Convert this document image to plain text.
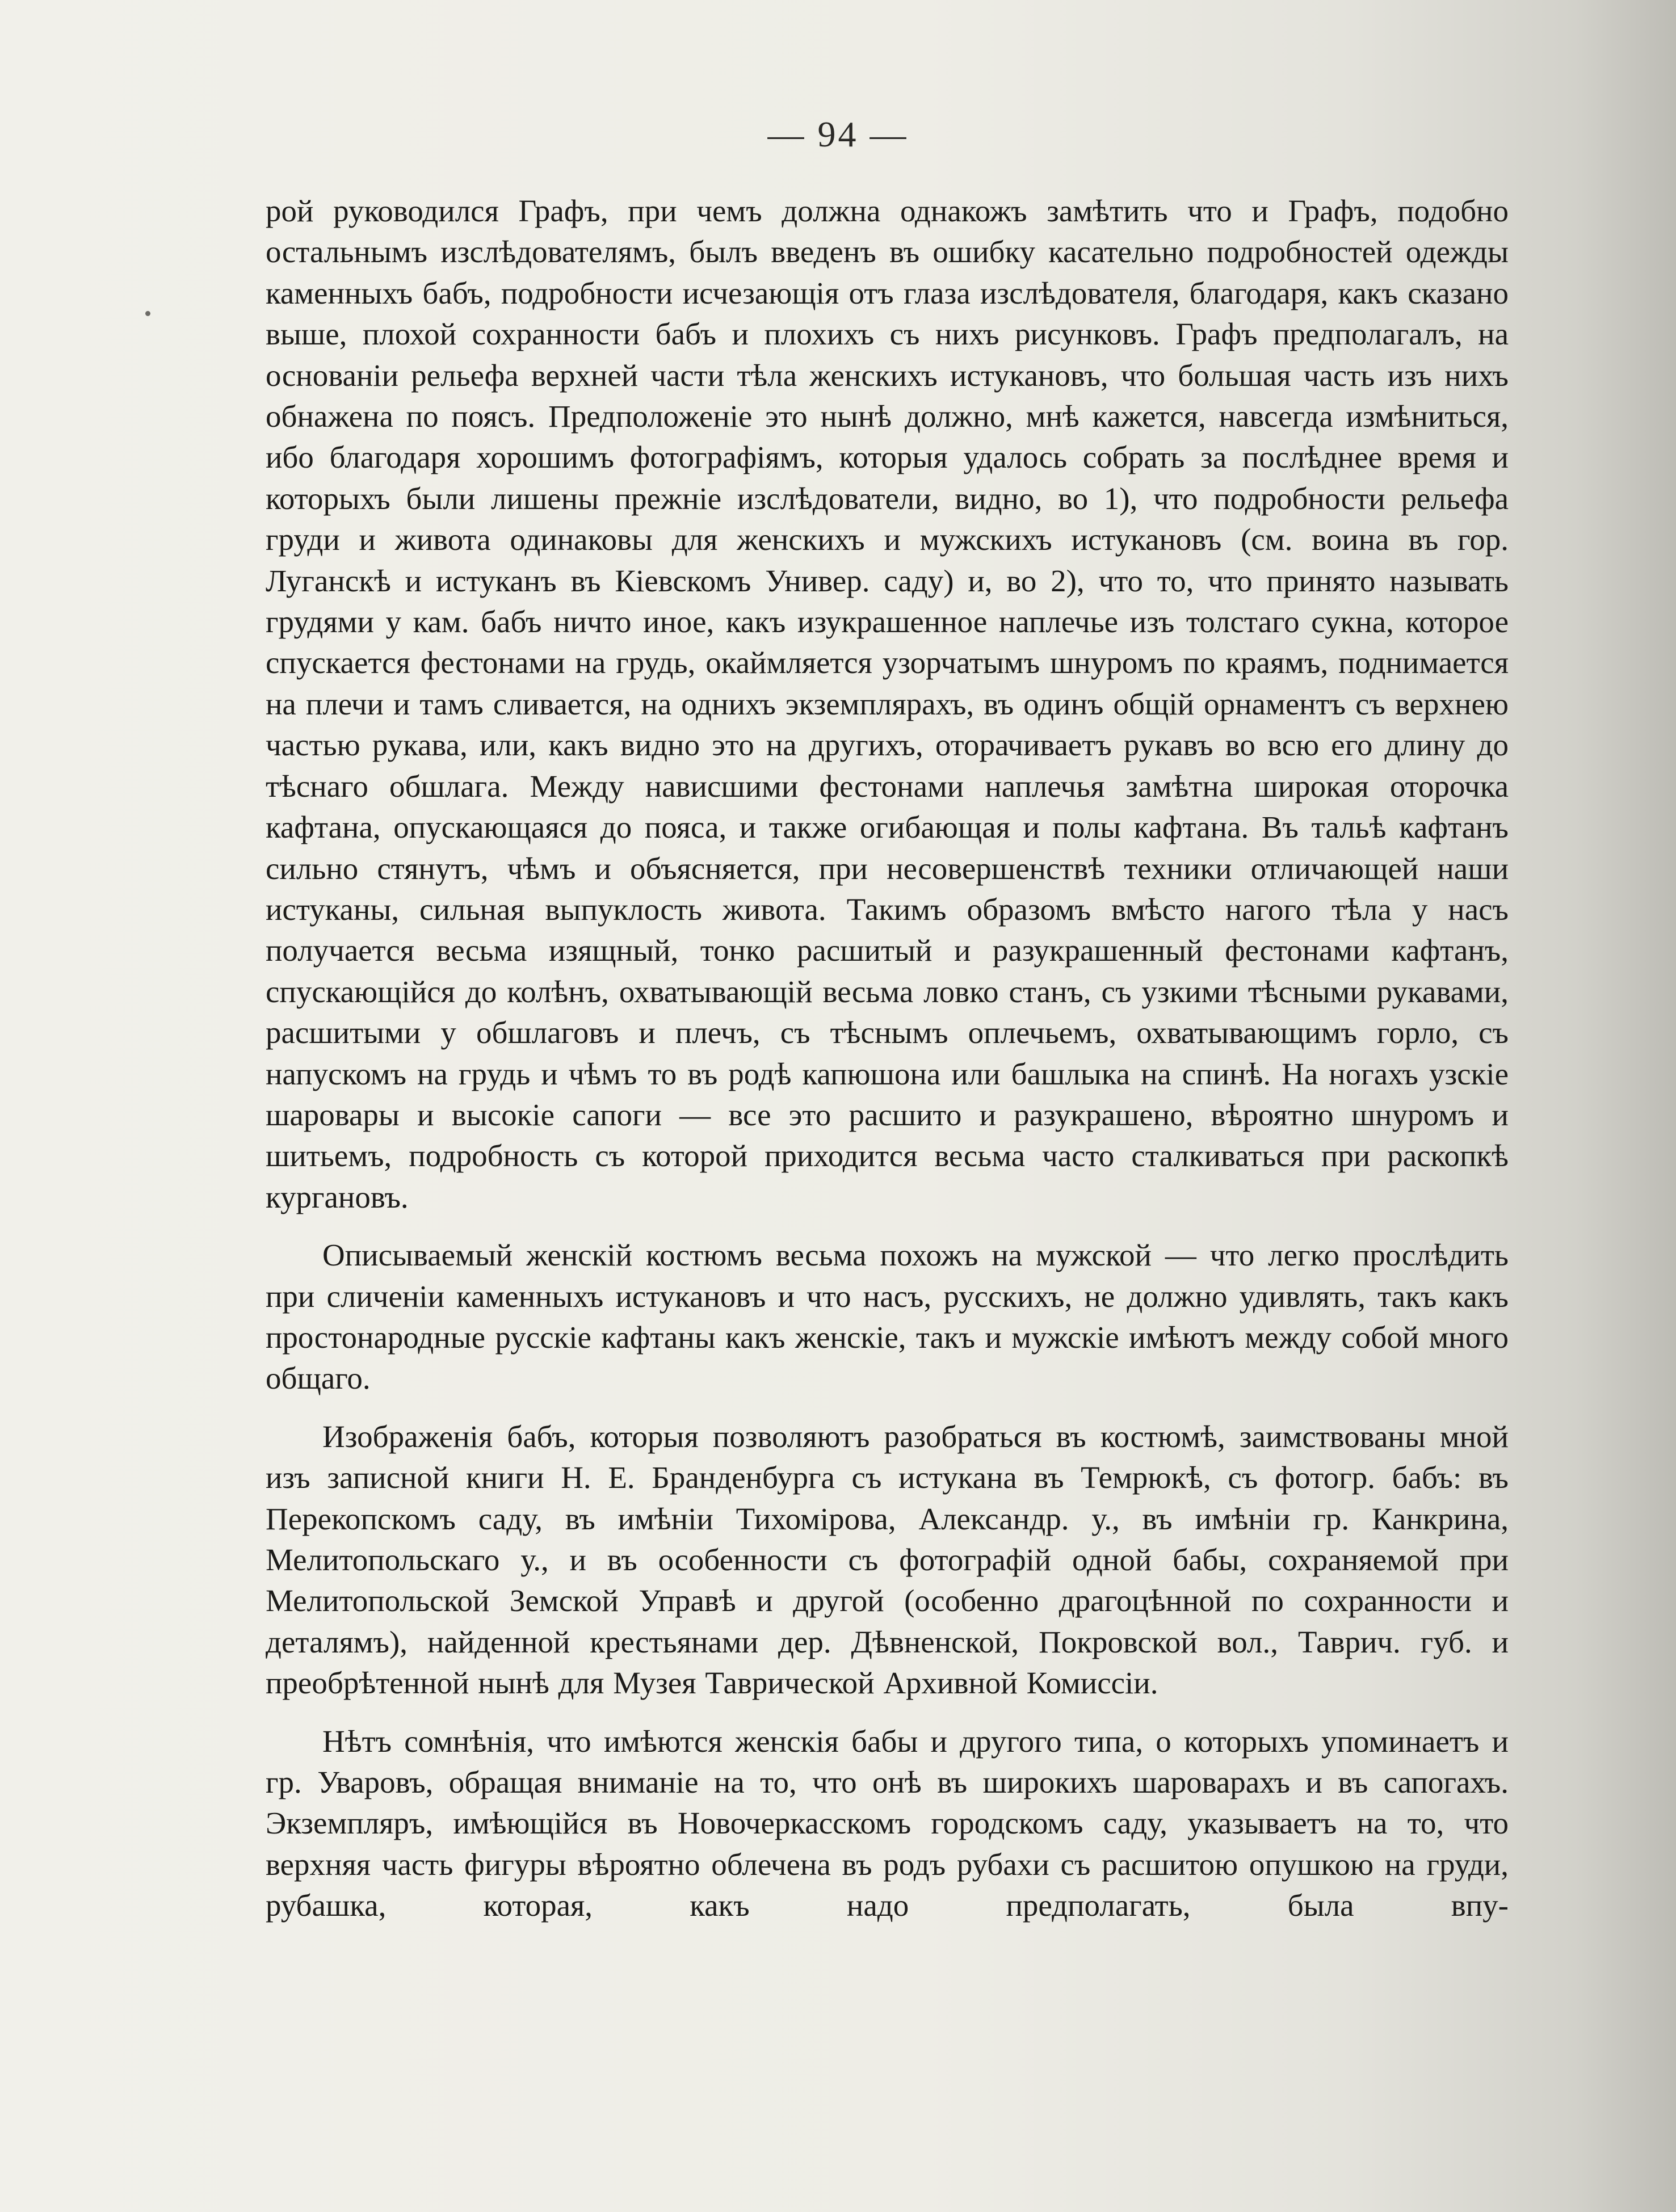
— 94 —

рой руководился Графъ, при чемъ должна однакожъ замѣтить что и Графъ, подобно остальнымъ изслѣдователямъ, былъ введенъ въ ошибку касательно подробностей одежды каменныхъ бабъ, подробности исчезающія отъ глаза изслѣдователя, благодаря, какъ сказано выше, плохой сохранности бабъ и плохихъ съ нихъ рисунковъ. Графъ предполагалъ, на основаніи рельефа верхней части тѣла женскихъ истукановъ, что большая часть изъ нихъ обнажена по поясъ. Предположеніе это нынѣ должно, мнѣ кажется, навсегда измѣниться, ибо благодаря хорошимъ фотографіямъ, которыя удалось собрать за послѣднее время и которыхъ были лишены прежніе изслѣдователи, видно, во 1), что подробности рельефа груди и живота одинаковы для женскихъ и мужскихъ истукановъ (см. воина въ гор. Луганскѣ и истуканъ въ Кіевскомъ Универ. саду) и, во 2), что то, что принято называть грудями у кам. бабъ ничто иное, какъ изукрашенное наплечье изъ толстаго сукна, которое спускается фестонами на грудь, окаймляется узорчатымъ шнуромъ по краямъ, поднимается на плечи и тамъ сливается, на однихъ экземплярахъ, въ одинъ общій орнаментъ съ верхнею частью рукава, или, какъ видно это на другихъ, оторачиваетъ рукавъ во всю его длину до тѣснаго обшлага. Между нависшими фестонами наплечья замѣтна широкая оторочка кафтана, опускающаяся до пояса, и также огибающая и полы кафтана. Въ тальѣ кафтанъ сильно стянутъ, чѣмъ и объясняется, при несовершенствѣ техники отличающей наши истуканы, сильная выпуклость живота. Такимъ образомъ вмѣсто нагого тѣла у насъ получается весьма изящный, тонко расшитый и разукрашенный фестонами кафтанъ, спускающійся до колѣнъ, охватывающій весьма ловко станъ, съ узкими тѣсными рукавами, расшитыми у обшлаговъ и плечъ, съ тѣснымъ оплечьемъ, охватывающимъ горло, съ напускомъ на грудь и чѣмъ то въ родѣ капюшона или башлыка на спинѣ. На ногахъ узскіе шаровары и высокіе сапоги — все это расшито и разукрашено, вѣроятно шнуромъ и шитьемъ, подробность съ которой приходится весьма часто сталкиваться при раскопкѣ кургановъ.

Описываемый женскій костюмъ весьма похожъ на мужской — что легко прослѣдить при сличеніи каменныхъ истукановъ и что насъ, русскихъ, не должно удивлять, такъ какъ простонародные русскіе кафтаны какъ женскіе, такъ и мужскіе имѣютъ между собой много общаго.

Изображенія бабъ, которыя позволяютъ разобраться въ костюмѣ, заимствованы мной изъ записной книги Н. Е. Бранденбурга съ истукана въ Темрюкѣ, съ фотогр. бабъ: въ Перекопскомъ саду, въ имѣніи Тихомірова, Александр. у., въ имѣніи гр. Канкрина, Мелитопольскаго у., и въ особенности съ фотографій одной бабы, сохраняемой при Мелитопольской Земской Управѣ и другой (особенно драгоцѣнной по сохранности и деталямъ), найденной крестьянами дер. Дѣвненской, Покровской вол., Таврич. губ. и преобрѣтенной нынѣ для Музея Таврической Архивной Комиссіи.

Нѣтъ сомнѣнія, что имѣются женскія бабы и другого типа, о которыхъ упоминаетъ и гр. Уваровъ, обращая вниманіе на то, что онѣ въ широкихъ шароварахъ и въ сапогахъ. Экземпляръ, имѣющійся въ Новочеркасскомъ городскомъ саду, указываетъ на то, что верхняя часть фигуры вѣроятно облечена въ родъ рубахи съ расшитою опушкою на груди, рубашка, которая, какъ надо предполагать, была впу-
